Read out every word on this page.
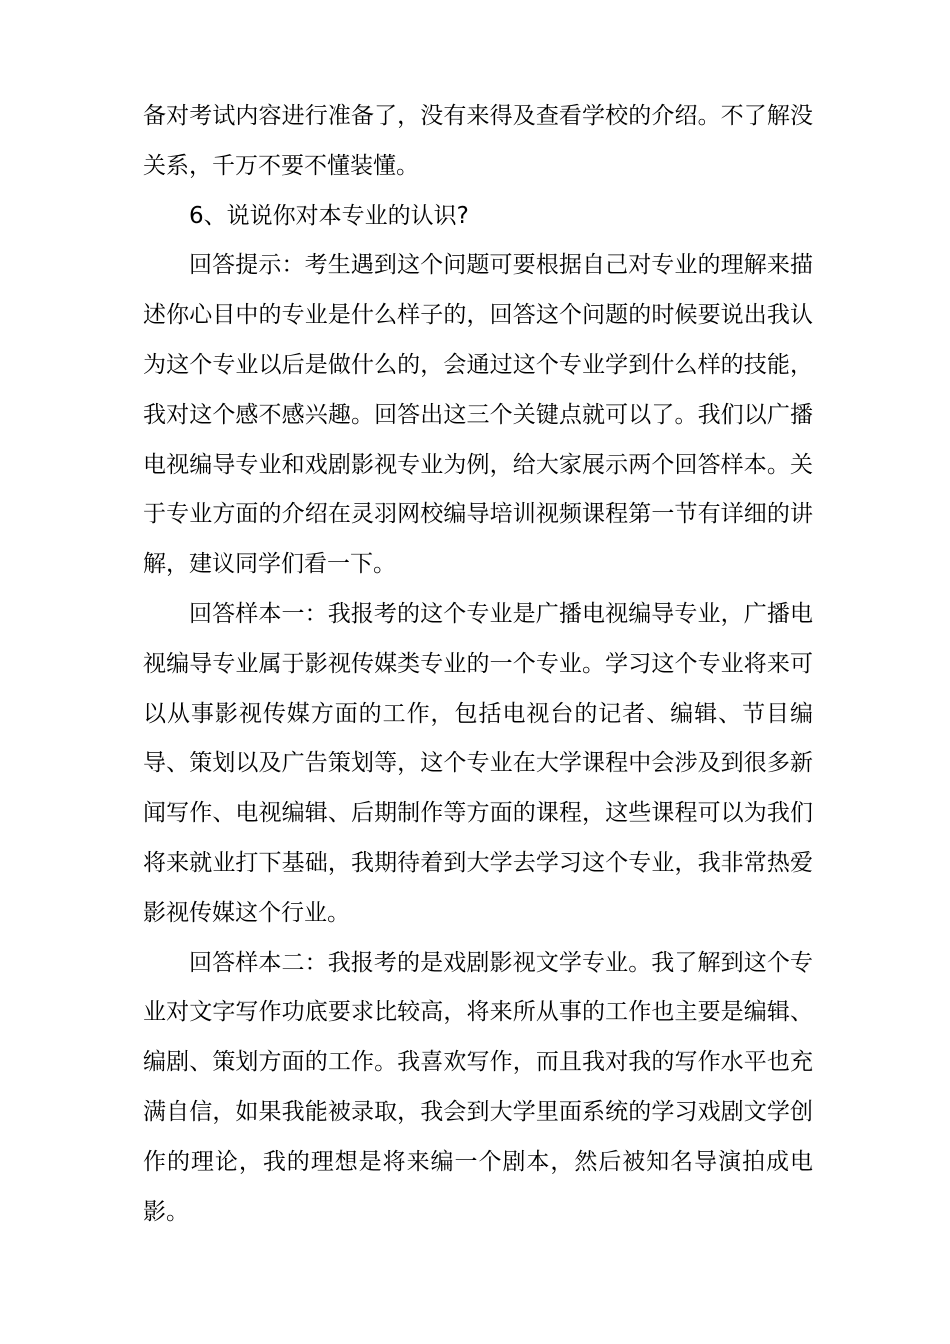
备对考试内容进行准备了，没有来得及查看学校的介绍。不了解没关系，千万不要不懂装懂。

6、说说你对本专业的认识?

回答提示：考生遇到这个问题可要根据自己对专业的理解来描述你心目中的专业是什么样子的，回答这个问题的时候要说出我认为这个专业以后是做什么的，会通过这个专业学到什么样的技能，我对这个感不感兴趣。回答出这三个关键点就可以了。我们以广播电视编导专业和戏剧影视专业为例，给大家展示两个回答样本。关于专业方面的介绍在灵羽网校编导培训视频课程第一节有详细的讲解，建议同学们看一下。

回答样本一：我报考的这个专业是广播电视编导专业，广播电视编导专业属于影视传媒类专业的一个专业。学习这个专业将来可以从事影视传媒方面的工作，包括电视台的记者、编辑、节目编导、策划以及广告策划等，这个专业在大学课程中会涉及到很多新闻写作、电视编辑、后期制作等方面的课程，这些课程可以为我们将来就业打下基础，我期待着到大学去学习这个专业，我非常热爱影视传媒这个行业。

回答样本二：我报考的是戏剧影视文学专业。我了解到这个专业对文字写作功底要求比较高，将来所从事的工作也主要是编辑、编剧、策划方面的工作。我喜欢写作，而且我对我的写作水平也充满自信，如果我能被录取，我会到大学里面系统的学习戏剧文学创作的理论，我的理想是将来编一个剧本，然后被知名导演拍成电影。
